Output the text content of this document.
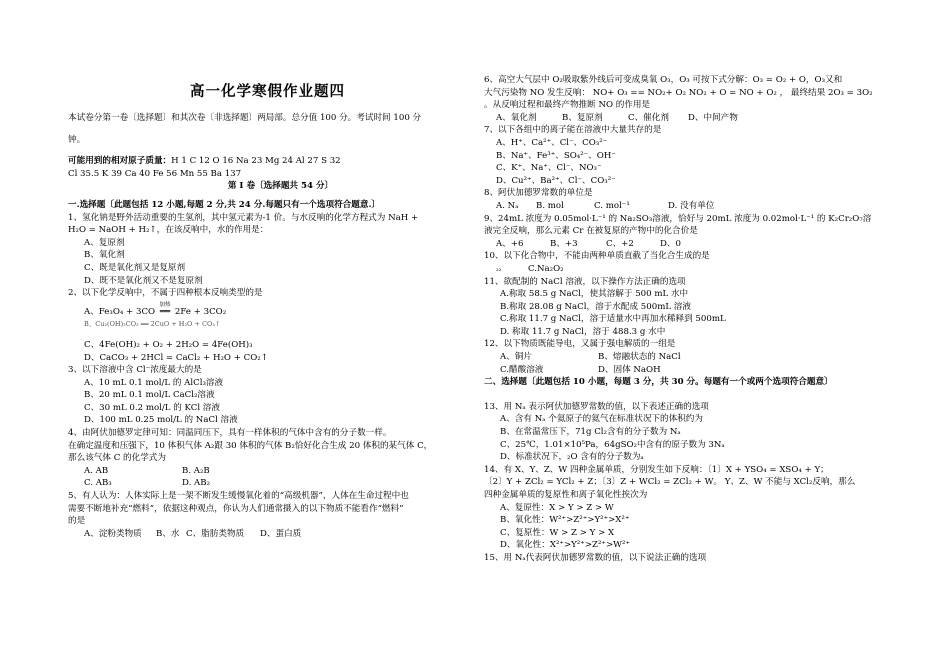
高一化学寒假作业题四
本试卷分第一卷〔选择题〕和其次卷〔非选择题〕两局部。总分值 100 分。考试时间 100 分
钟。
可能用到的相对原子质量：H 1 C 12 O 16 Na 23 Mg 24 Al 27 S 32
Cl 35.5 K 39 Ca 40 Fe 56 Mn 55 Ba 137
第 I 卷〔选择题共 54 分〕
一.选择题〔此题包括 12 小题,每题 2 分,共 24 分.每题只有一个选项符合题意.〕
1、氢化钠是野外活动重要的生氢剂，其中氢元素为-1 价。与水反响的化学方程式为 NaH +
H₂O = NaOH + H₂↑，在该反响中，水的作用是：
A、复原剂
B、氧化剂
C、既是氧化剂又是复原剂
D、既不是氧化剂又不是复原剂
2、以下化学反响中，不属于四种根本反响类型的是
A、Fe₃O₄ + 3CO
加热
══ 2Fe + 3CO₂
B、Cu₂(OH)₂CO₃ ══ 2CuO + H₂O + CO₂↑
C、4Fe(OH)₂ + O₂ + 2H₂O = 4Fe(OH)₃
D、CaCO₃ + 2HCl = CaCl₂ + H₂O + CO₂↑
3、以下溶液中含 Cl⁻浓度最大的是
A、10 mL 0.1 mol/L 的 AlCl₃溶液
B、20 mL 0.1 mol/L CaCl₂溶液
C、30 mL 0.2 mol/L 的 KCl 溶液
D、100 mL 0.25 mol/L 的 NaCl 溶液
4、由阿伏加德罗定律可知：同温同压下，具有一样体积的气体中含有的分子数一样。
在确定温度和压强下，10 体积气体 A₂跟 30 体积的气体 B₂恰好化合生成 20 体积的某气体 C，
那么该气体 C 的化学式为
A. AB	B. A₂B
C. AB₃	D. AB₂
5、有人认为：人体实际上是一架不断发生缓慢氧化着的“高级机器”，人体在生命过程中也
需要不断地补充“燃料”，依据这种观点，你认为人们通常摄入的以下物质不能看作“燃料”
的是
A、淀粉类物质 B、水 C、脂肪类物质 D、蛋白质
6、高空大气层中 O₂吸取紫外线后可变成臭氧 O₃，O₃ 可按下式分解：O₃ = O₂ + O，O₃又和
大气污染物 NO 发生反响： NO+ O₃ == NO₂+ O₂ NO₂ + O = NO + O₂ ， 最终结果 2O₃ = 3O₂
。从反响过程和最终产物推断 NO 的作用是
A、氧化剂	B、复原剂	C、催化剂 D、中间产物
7、以下各组中的离子能在溶液中大量共存的是
A、H⁺、Ca²⁺、Cl⁻、CO₃²⁻
B、Na⁺、Fe³⁺、SO₄²⁻、OH⁻
C、K⁺、Na⁺、Cl⁻、NO₃⁻
D、Cu²⁺、Ba²⁺、Cl⁻、CO₃²⁻
8、阿伏加德罗常数的单位是
A. Nₐ B. mol	C. mol⁻¹	D. 没有单位
9、24mL 浓度为 0.05mol·L⁻¹ 的 Na₂SO₃溶液，恰好与 20mL 浓度为 0.02mol·L⁻¹ 的 K₂Cr₂O₇溶
液完全反响，那么元素 Cr 在被复原的产物中的化合价是
A、+6	B、+3	C、+2	D、0
10、以下化合物中，不能由两种单质直截了当化合生成的是
₂₂	C.Na₂O₂
11、欲配制的 NaCl 溶液，以下操作方法正确的选项
A.称取 58.5 g NaCl，使其溶解于 500 mL 水中
B.称取 28.08 g NaCl，溶于水配成 500mL 溶液
C.称取 11.7 g NaCl，溶于适量水中再加水稀释到 500mL
D. 称取 11.7 g NaCl，溶于 488.3 g 水中
12、以下物质既能导电，又属于强电解质的一组是
A、铜片	B、熔融状态的 NaCl
C.醋酸溶液	D、固体 NaOH
二、选择题〔此题包括 10 小题，每题 3 分，共 30 分。每题有一个或两个选项符合题意〕
13、用 Nₐ 表示阿伏加德罗常数的值，以下表述正确的选项
A、含有 Nₐ 个氦原子的氦气在标准状况下的体积约为
B、在常温常压下，71g Cl₂含有的分子数为 Nₐ
C、25℃，1.01×10⁵Pa，64gSO₂中含有的原子数为 3Nₐ
D、标准状况下，₂O 含有的分子数为ₐ
14、有 X、Y、Z、W 四种金属单质，分别发生如下反响：〔1〕X + YSO₄ = XSO₄ + Y；
〔2〕Y + ZCl₂ = YCl₂ + Z；〔3〕Z + WCl₂ = ZCl₂ + W。 Y、Z、W 不能与 XCl₂反响，那么
四种金属单质的复原性和离子氧化性挨次为
A、复原性：X > Y > Z > W
B、氧化性：W²⁺>Z²⁺>Y²⁺>X²⁺
C、复原性：W > Z > Y > X
D、氧化性：X²⁺>Y²⁺>Z²⁺>W²⁺
15、用 Nₐ代表阿伏加德罗常数的值，以下说法正确的选项
